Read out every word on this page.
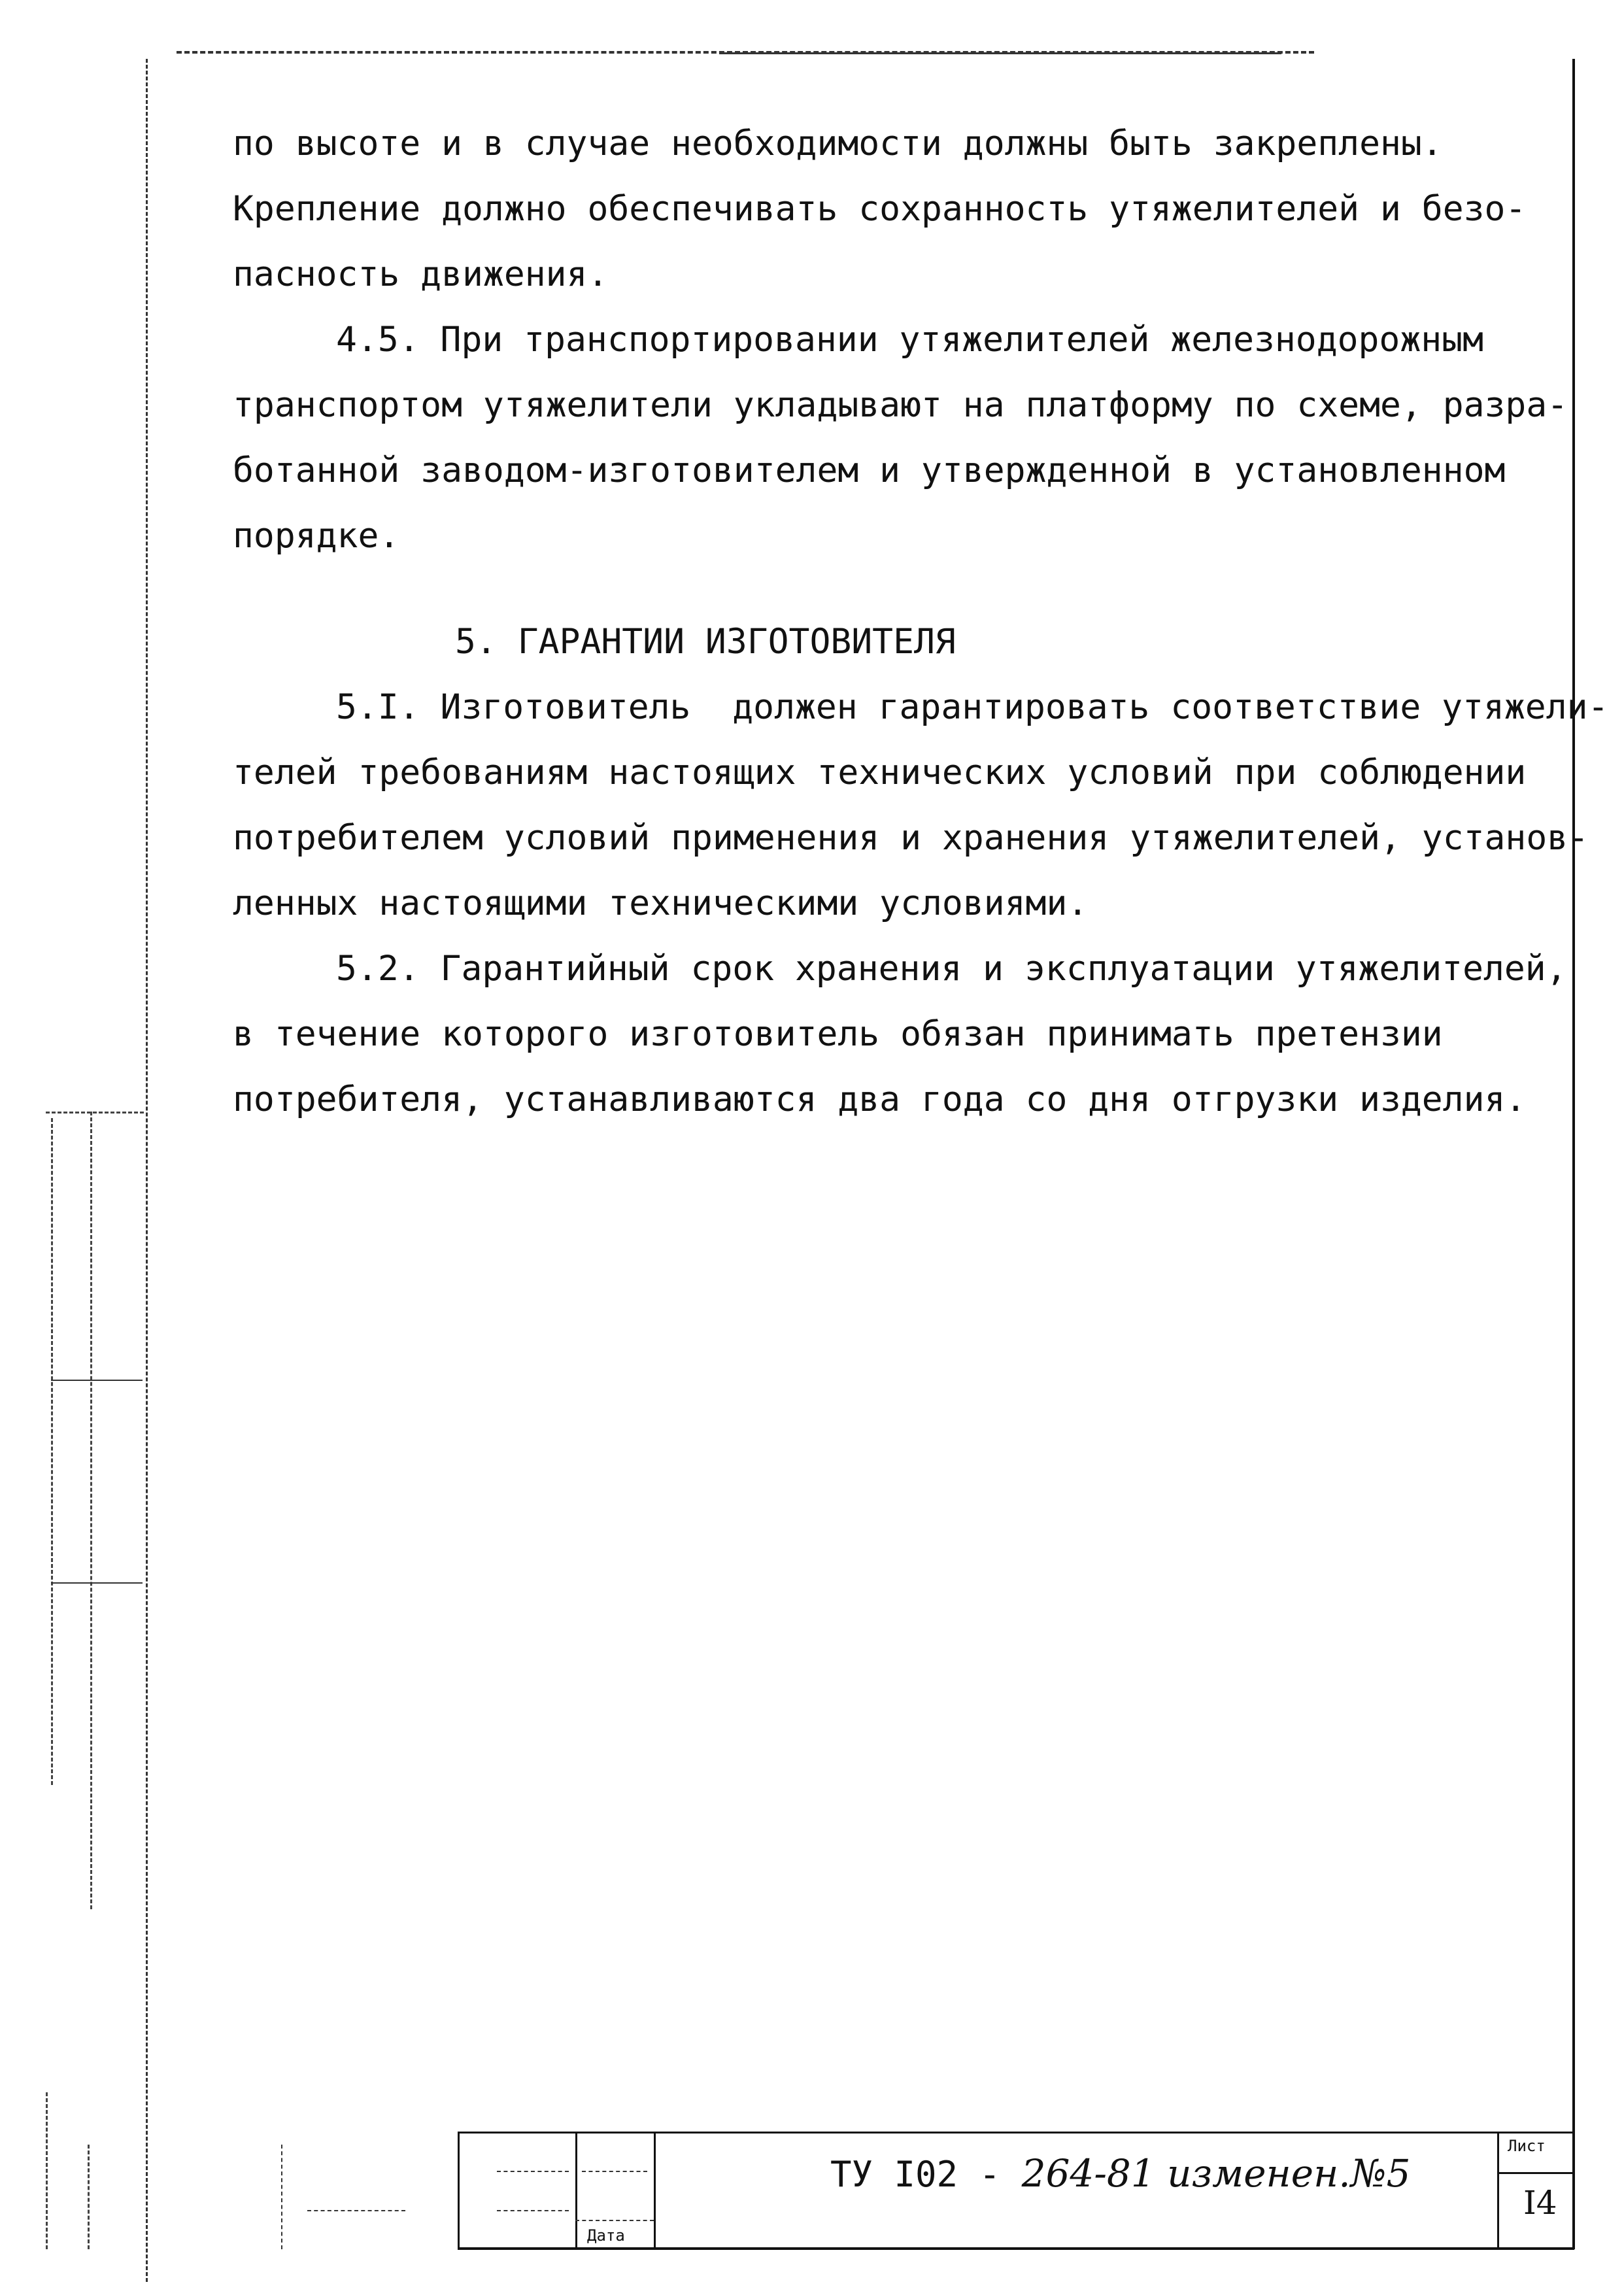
по высоте и в случае необходимости должны быть закреплены.
Крепление должно обеспечивать сохранность утяжелителей и безо-
пасность движения.

4.5. При транспортировании утяжелителей железнодорожным
транспортом утяжелители укладывают на платформу по схеме, разра-
ботанной заводом-изготовителем и утвержденной в установленном
порядке.

5. ГАРАНТИИ ИЗГОТОВИТЕЛЯ

5.I. Изготовитель  должен гарантировать соответствие утяжели-
телей требованиям настоящих технических условий при соблюдении
потребителем условий применения и хранения утяжелителей, установ-
ленных настоящими техническими условиями.

5.2. Гарантийный срок хранения и эксплуатации утяжелителей,
в течение которого изготовитель обязан принимать претензии
потребителя, устанавливаются два года со дня отгрузки изделия.

Дата
ТУ I02 - 264-81 изменен.№5
Лист
I4
